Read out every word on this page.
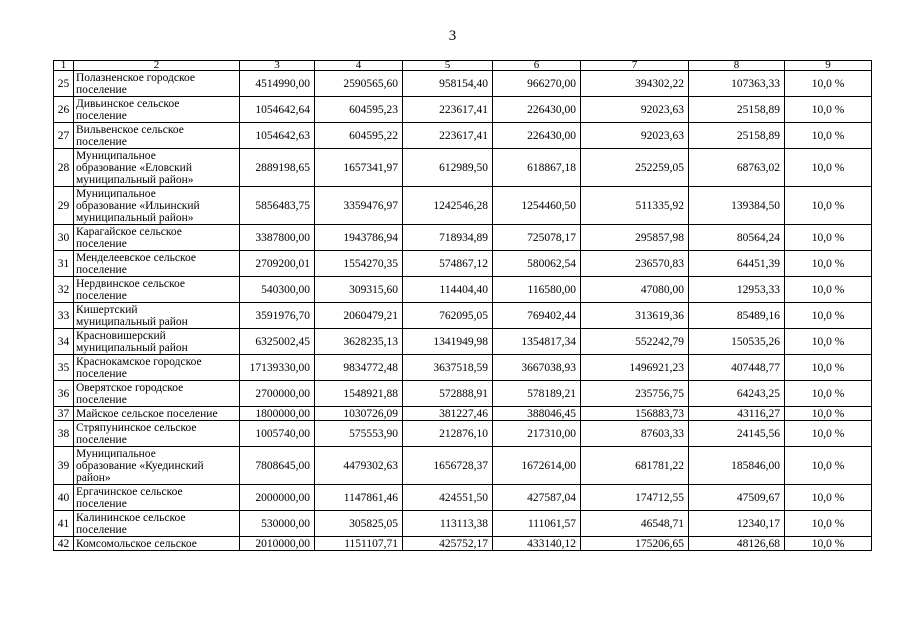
3
1	2	3	4	5	6	7	8	9
25	Полазненское городское
поселение	4514990,00	2590565,60	958154,40	966270,00	394302,22	107363,33	10,0 %
26	Дивьинское сельское
поселение	1054642,64	604595,23	223617,41	226430,00	92023,63	25158,89	10,0 %
27	Вильвенское сельское
поселение	1054642,63	604595,22	223617,41	226430,00	92023,63	25158,89	10,0 %
28	Муниципальное
образование «Еловский
муниципальный район»	2889198,65	1657341,97	612989,50	618867,18	252259,05	68763,02	10,0 %
29	Муниципальное
образование «Ильинский
муниципальный район»	5856483,75	3359476,97	1242546,28	1254460,50	511335,92	139384,50	10,0 %
30	Карагайское сельское
поселение	3387800,00	1943786,94	718934,89	725078,17	295857,98	80564,24	10,0 %
31	Менделеевское сельское
поселение	2709200,01	1554270,35	574867,12	580062,54	236570,83	64451,39	10,0 %
32	Нердвинское сельское
поселение	540300,00	309315,60	114404,40	116580,00	47080,00	12953,33	10,0 %
33	Кишертский
муниципальный район	3591976,70	2060479,21	762095,05	769402,44	313619,36	85489,16	10,0 %
34	Красновишерский
муниципальный район	6325002,45	3628235,13	1341949,98	1354817,34	552242,79	150535,26	10,0 %
35	Краснокамское городское
поселение	17139330,00	9834772,48	3637518,59	3667038,93	1496921,23	407448,77	10,0 %
36	Оверятское городское
поселение	2700000,00	1548921,88	572888,91	578189,21	235756,75	64243,25	10,0 %
37	Майское сельское поселение	1800000,00	1030726,09	381227,46	388046,45	156883,73	43116,27	10,0 %
38	Стряпунинское сельское
поселение	1005740,00	575553,90	212876,10	217310,00	87603,33	24145,56	10,0 %
39	Муниципальное
образование «Куединский
район»	7808645,00	4479302,63	1656728,37	1672614,00	681781,22	185846,00	10,0 %
40	Ергачинское сельское
поселение	2000000,00	1147861,46	424551,50	427587,04	174712,55	47509,67	10,0 %
41	Калининское сельское
поселение	530000,00	305825,05	113113,38	111061,57	46548,71	12340,17	10,0 %
42	Комсомольское сельское	2010000,00	1151107,71	425752,17	433140,12	175206,65	48126,68	10,0 %
